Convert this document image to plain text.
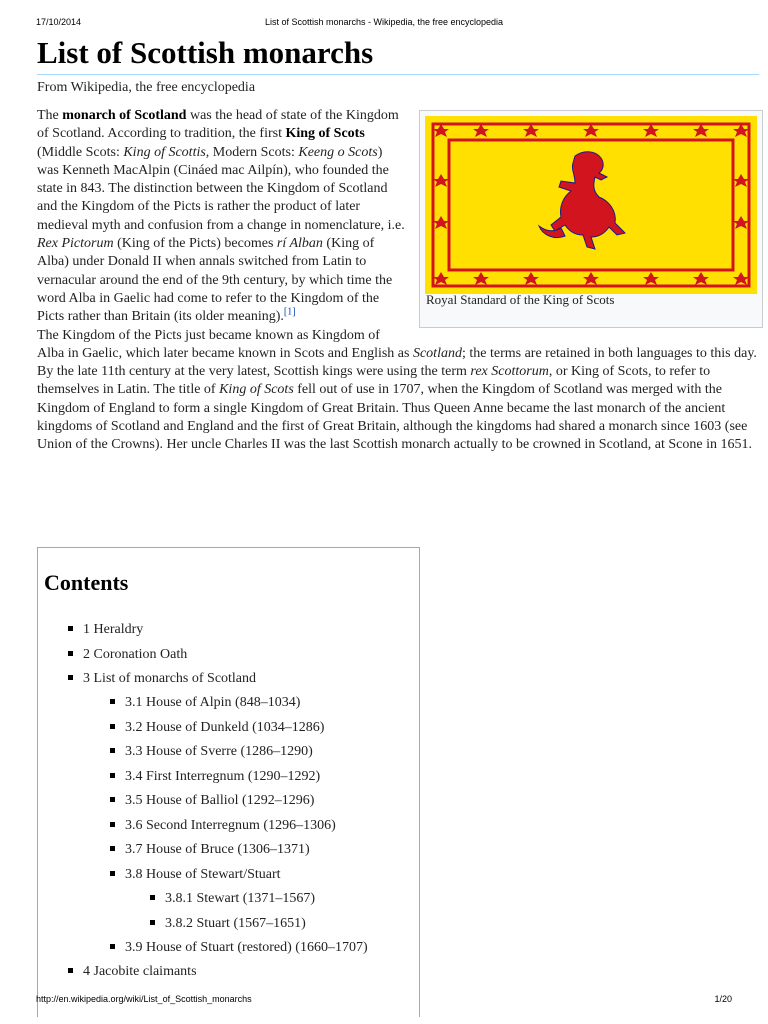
17/10/2014	List of Scottish monarchs - Wikipedia, the free encyclopedia
List of Scottish monarchs
From Wikipedia, the free encyclopedia
Royal Standard of the King of Scots

The monarch of Scotland was the head of state of the Kingdom of Scotland. According to tradition, the first King of Scots (Middle Scots: King of Scottis, Modern Scots: Keeng o Scots) was Kenneth MacAlpin (Cináed mac Ailpín), who founded the state in 843. The distinction between the Kingdom of Scotland and the Kingdom of the Picts is rather the product of later medieval myth and confusion from a change in nomenclature, i.e. Rex Pictorum (King of the Picts) becomes rí Alban (King of Alba) under Donald II when annals switched from Latin to vernacular around the end of the 9th century, by which time the word Alba in Gaelic had come to refer to the Kingdom of the Picts rather than Britain (its older meaning).[1]

The Kingdom of the Picts just became known as Kingdom of Alba in Gaelic, which later became known in Scots and English as Scotland; the terms are retained in both languages to this day. By the late 11th century at the very latest, Scottish kings were using the term rex Scottorum, or King of Scots, to refer to themselves in Latin. The title of King of Scots fell out of use in 1707, when the Kingdom of Scotland was merged with the Kingdom of England to form a single Kingdom of Great Britain. Thus Queen Anne became the last monarch of the ancient kingdoms of Scotland and England and the first of Great Britain, although the kingdoms had shared a monarch since 1603 (see Union of the Crowns). Her uncle Charles II was the last Scottish monarch actually to be crowned in Scotland, at Scone in 1651.

Contents
1 Heraldry
2 Coronation Oath
3 List of monarchs of Scotland
3.1 House of Alpin (848–1034)
3.2 House of Dunkeld (1034–1286)
3.3 House of Sverre (1286–1290)
3.4 First Interregnum (1290–1292)
3.5 House of Balliol (1292–1296)
3.6 Second Interregnum (1296–1306)
3.7 House of Bruce (1306–1371)
3.8 House of Stewart/Stuart
3.8.1 Stewart (1371–1567)
3.8.2 Stuart (1567–1651)
3.9 House of Stuart (restored) (1660–1707)
4 Jacobite claimants
http://en.wikipedia.org/wiki/List_of_Scottish_monarchs	1/20
